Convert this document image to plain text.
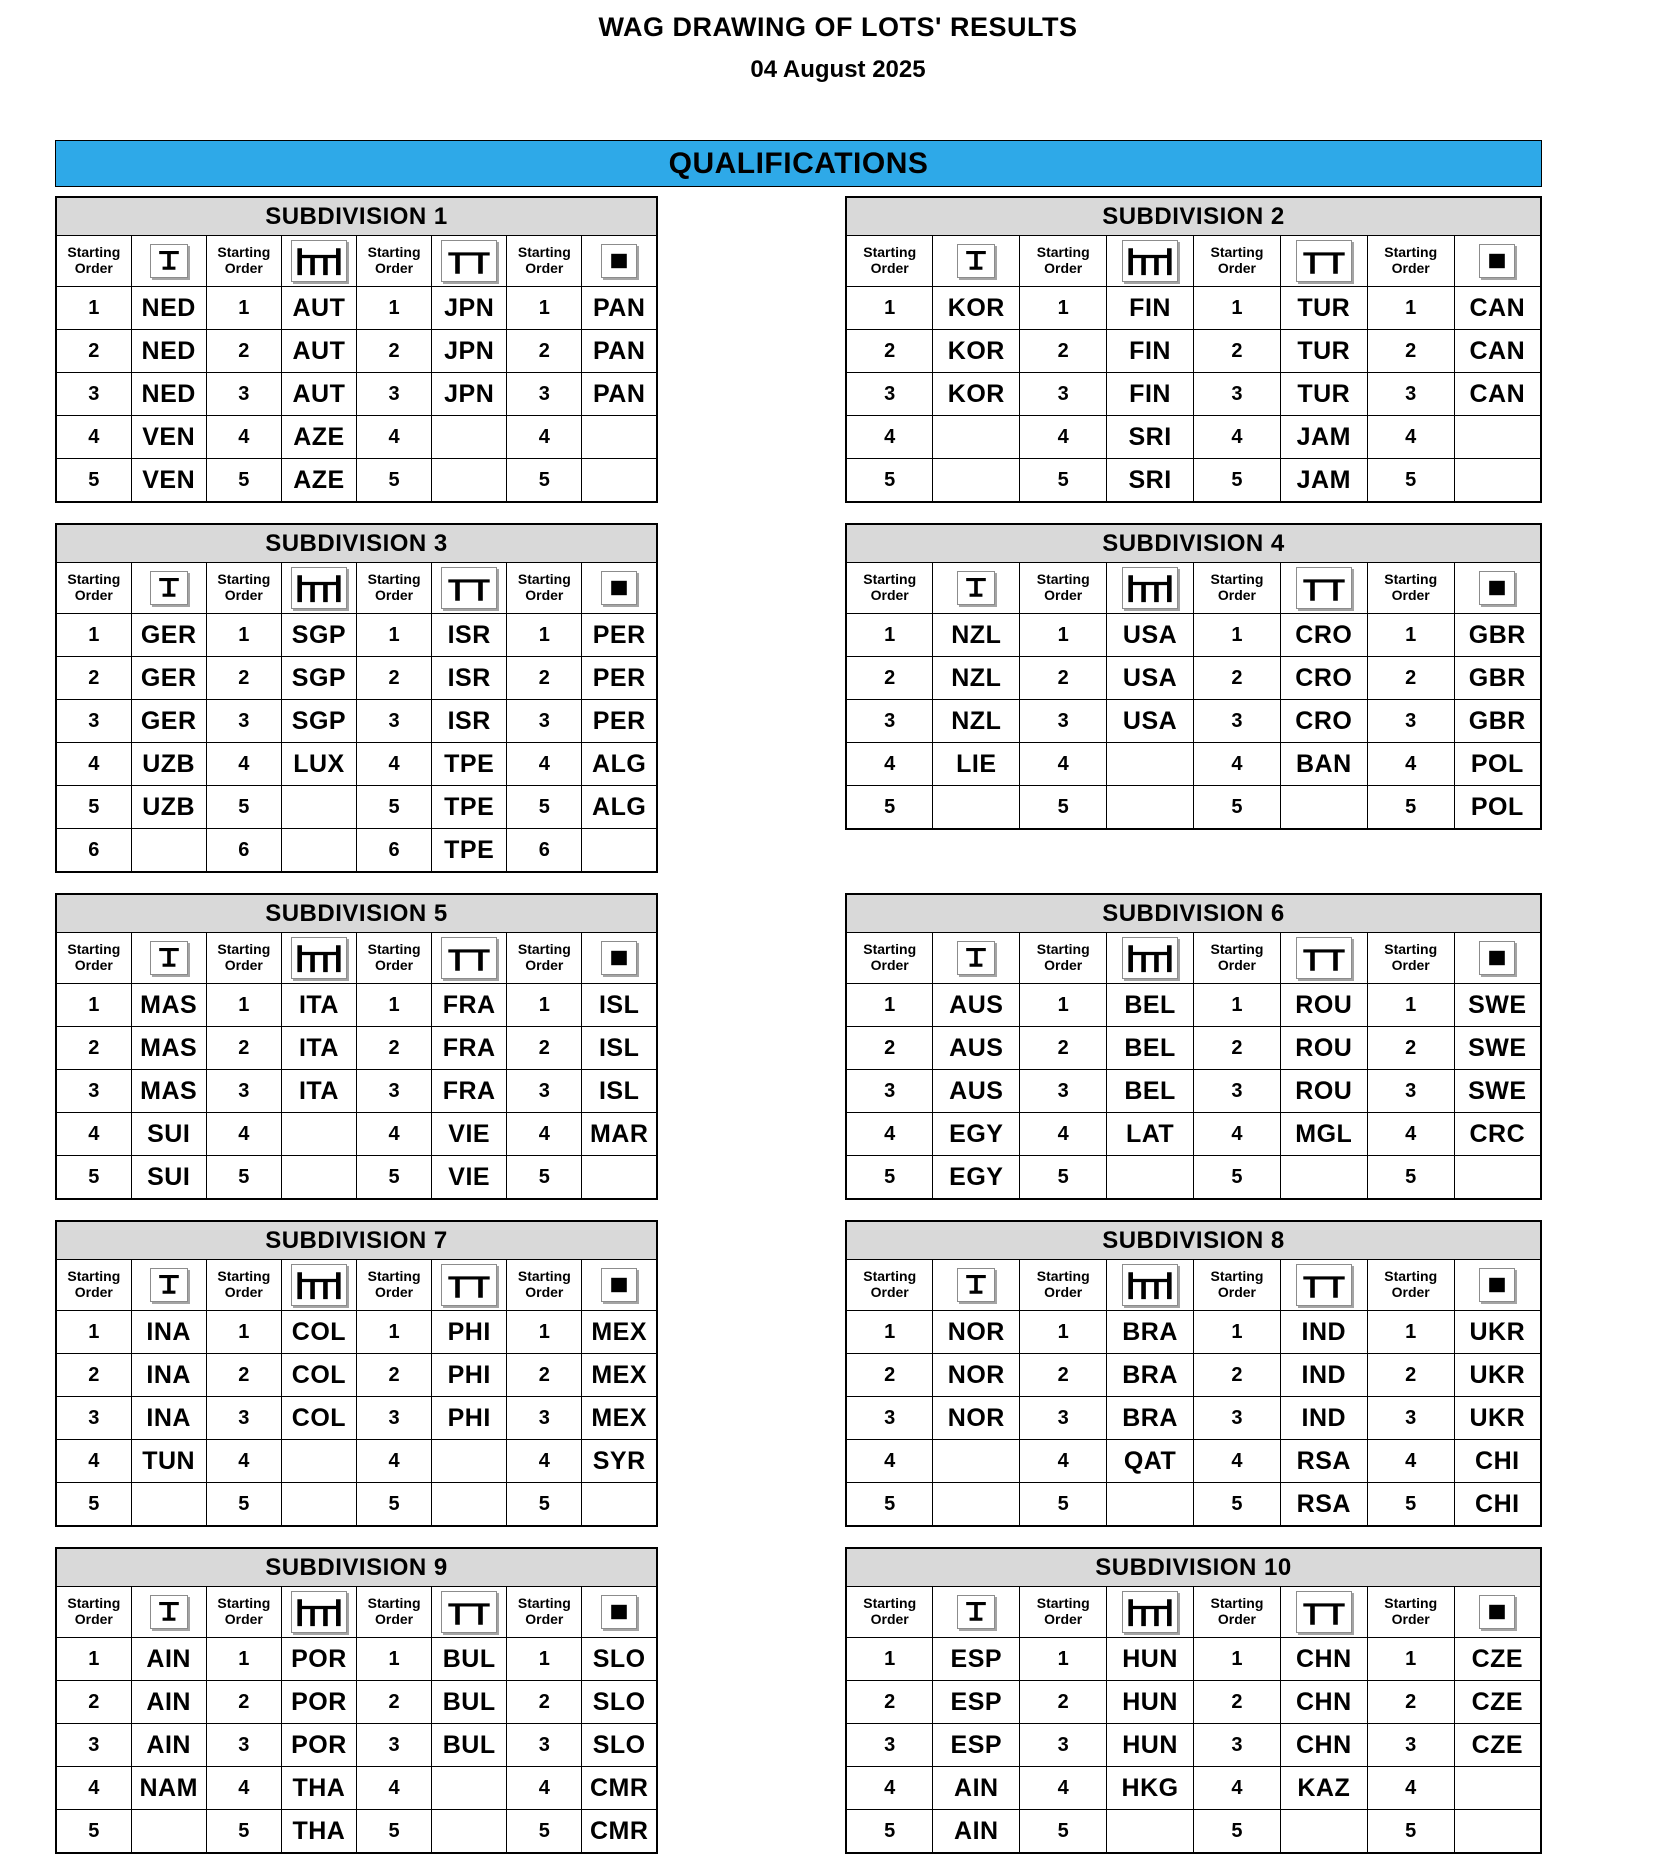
WAG DRAWING OF LOTS' RESULTS
04 August 2025
QUALIFICATIONS
SUBDIVISION 1							
Starting Order		Starting Order		Starting Order		Starting Order	

1	NED	1	AUT	1	JPN	1	PAN
2	NED	2	AUT	2	JPN	2	PAN
3	NED	3	AUT	3	JPN	3	PAN
4	VEN	4	AZE	4		4	
5	VEN	5	AZE	5		5	
SUBDIVISION 2							
Starting Order		Starting Order		Starting Order		Starting Order	

1	KOR	1	FIN	1	TUR	1	CAN
2	KOR	2	FIN	2	TUR	2	CAN
3	KOR	3	FIN	3	TUR	3	CAN
4		4	SRI	4	JAM	4	
5		5	SRI	5	JAM	5	
SUBDIVISION 3							
Starting Order		Starting Order		Starting Order		Starting Order	

1	GER	1	SGP	1	ISR	1	PER
2	GER	2	SGP	2	ISR	2	PER
3	GER	3	SGP	3	ISR	3	PER
4	UZB	4	LUX	4	TPE	4	ALG
5	UZB	5		5	TPE	5	ALG
6		6		6	TPE	6	
SUBDIVISION 4							
Starting Order		Starting Order		Starting Order		Starting Order	

1	NZL	1	USA	1	CRO	1	GBR
2	NZL	2	USA	2	CRO	2	GBR
3	NZL	3	USA	3	CRO	3	GBR
4	LIE	4		4	BAN	4	POL
5		5		5		5	POL
SUBDIVISION 5							
Starting Order		Starting Order		Starting Order		Starting Order	

1	MAS	1	ITA	1	FRA	1	ISL
2	MAS	2	ITA	2	FRA	2	ISL
3	MAS	3	ITA	3	FRA	3	ISL
4	SUI	4		4	VIE	4	MAR
5	SUI	5		5	VIE	5	
SUBDIVISION 6							
Starting Order		Starting Order		Starting Order		Starting Order	

1	AUS	1	BEL	1	ROU	1	SWE
2	AUS	2	BEL	2	ROU	2	SWE
3	AUS	3	BEL	3	ROU	3	SWE
4	EGY	4	LAT	4	MGL	4	CRC
5	EGY	5		5		5	
SUBDIVISION 7							
Starting Order		Starting Order		Starting Order		Starting Order	

1	INA	1	COL	1	PHI	1	MEX
2	INA	2	COL	2	PHI	2	MEX
3	INA	3	COL	3	PHI	3	MEX
4	TUN	4		4		4	SYR
5		5		5		5	
SUBDIVISION 8							
Starting Order		Starting Order		Starting Order		Starting Order	

1	NOR	1	BRA	1	IND	1	UKR
2	NOR	2	BRA	2	IND	2	UKR
3	NOR	3	BRA	3	IND	3	UKR
4		4	QAT	4	RSA	4	CHI
5		5		5	RSA	5	CHI
SUBDIVISION 9							
Starting Order		Starting Order		Starting Order		Starting Order	

1	AIN	1	POR	1	BUL	1	SLO
2	AIN	2	POR	2	BUL	2	SLO
3	AIN	3	POR	3	BUL	3	SLO
4	NAM	4	THA	4		4	CMR
5		5	THA	5		5	CMR
SUBDIVISION 10							
Starting Order		Starting Order		Starting Order		Starting Order	

1	ESP	1	HUN	1	CHN	1	CZE
2	ESP	2	HUN	2	CHN	2	CZE
3	ESP	3	HUN	3	CHN	3	CZE
4	AIN	4	HKG	4	KAZ	4	
5	AIN	5		5		5	
